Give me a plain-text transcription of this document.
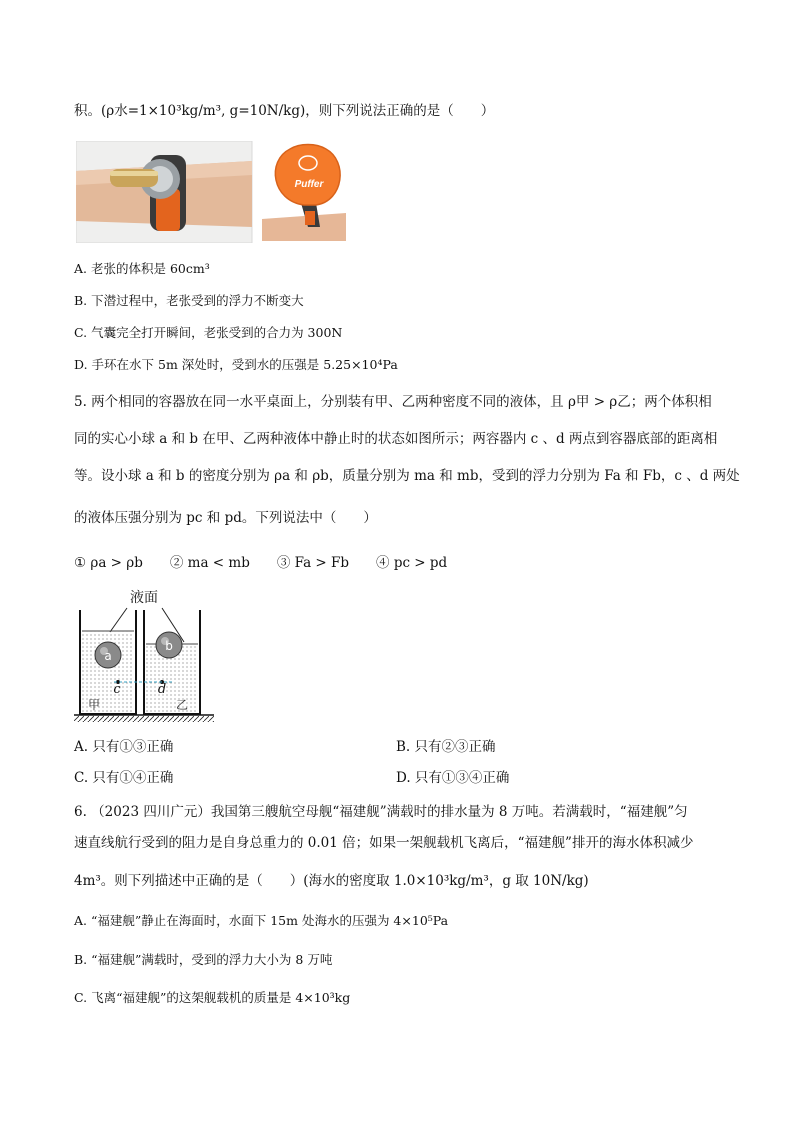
积。(ρ水=1×10³kg/m³, g=10N/kg)，则下列说法正确的是（　　）
Puffer
A. 老张的体积是 60cm³
B. 下潜过程中，老张受到的浮力不断变大
C. 气囊完全打开瞬间，老张受到的合力为 300N
D. 手环在水下 5m 深处时，受到水的压强是 5.25×10⁴Pa
5. 两个相同的容器放在同一水平桌面上，分别装有甲、乙两种密度不同的液体，且 ρ甲 > ρ乙；两个体积相
同的实心小球 a 和 b 在甲、乙两种液体中静止时的状态如图所示；两容器内 c 、d 两点到容器底部的距离相
等。设小球 a 和 b 的密度分别为 ρa 和 ρb，质量分别为 ma 和 mb，受到的浮力分别为 Fa 和 Fb，c 、d 两处
的液体压强分别为 pc 和 pd。下列说法中（　　）
① ρa > ρb　　② ma < mb　　③ Fa > Fb　　④ pc > pd
液面
a
c
甲
b
d
乙
A. 只有①③正确	B. 只有②③正确
C. 只有①④正确	D. 只有①③④正确
6. （2023 四川广元）我国第三艘航空母舰“福建舰”满载时的排水量为 8 万吨。若满载时，“福建舰”匀
速直线航行受到的阻力是自身总重力的 0.01 倍；如果一架舰载机飞离后，“福建舰”排开的海水体积减少
4m³。则下列描述中正确的是（　　）(海水的密度取 1.0×10³kg/m³，g 取 10N/kg)
A. “福建舰”静止在海面时，水面下 15m 处海水的压强为 4×10⁵Pa
B. “福建舰”满载时，受到的浮力大小为 8 万吨
C. 飞离“福建舰”的这架舰载机的质量是 4×10³kg
